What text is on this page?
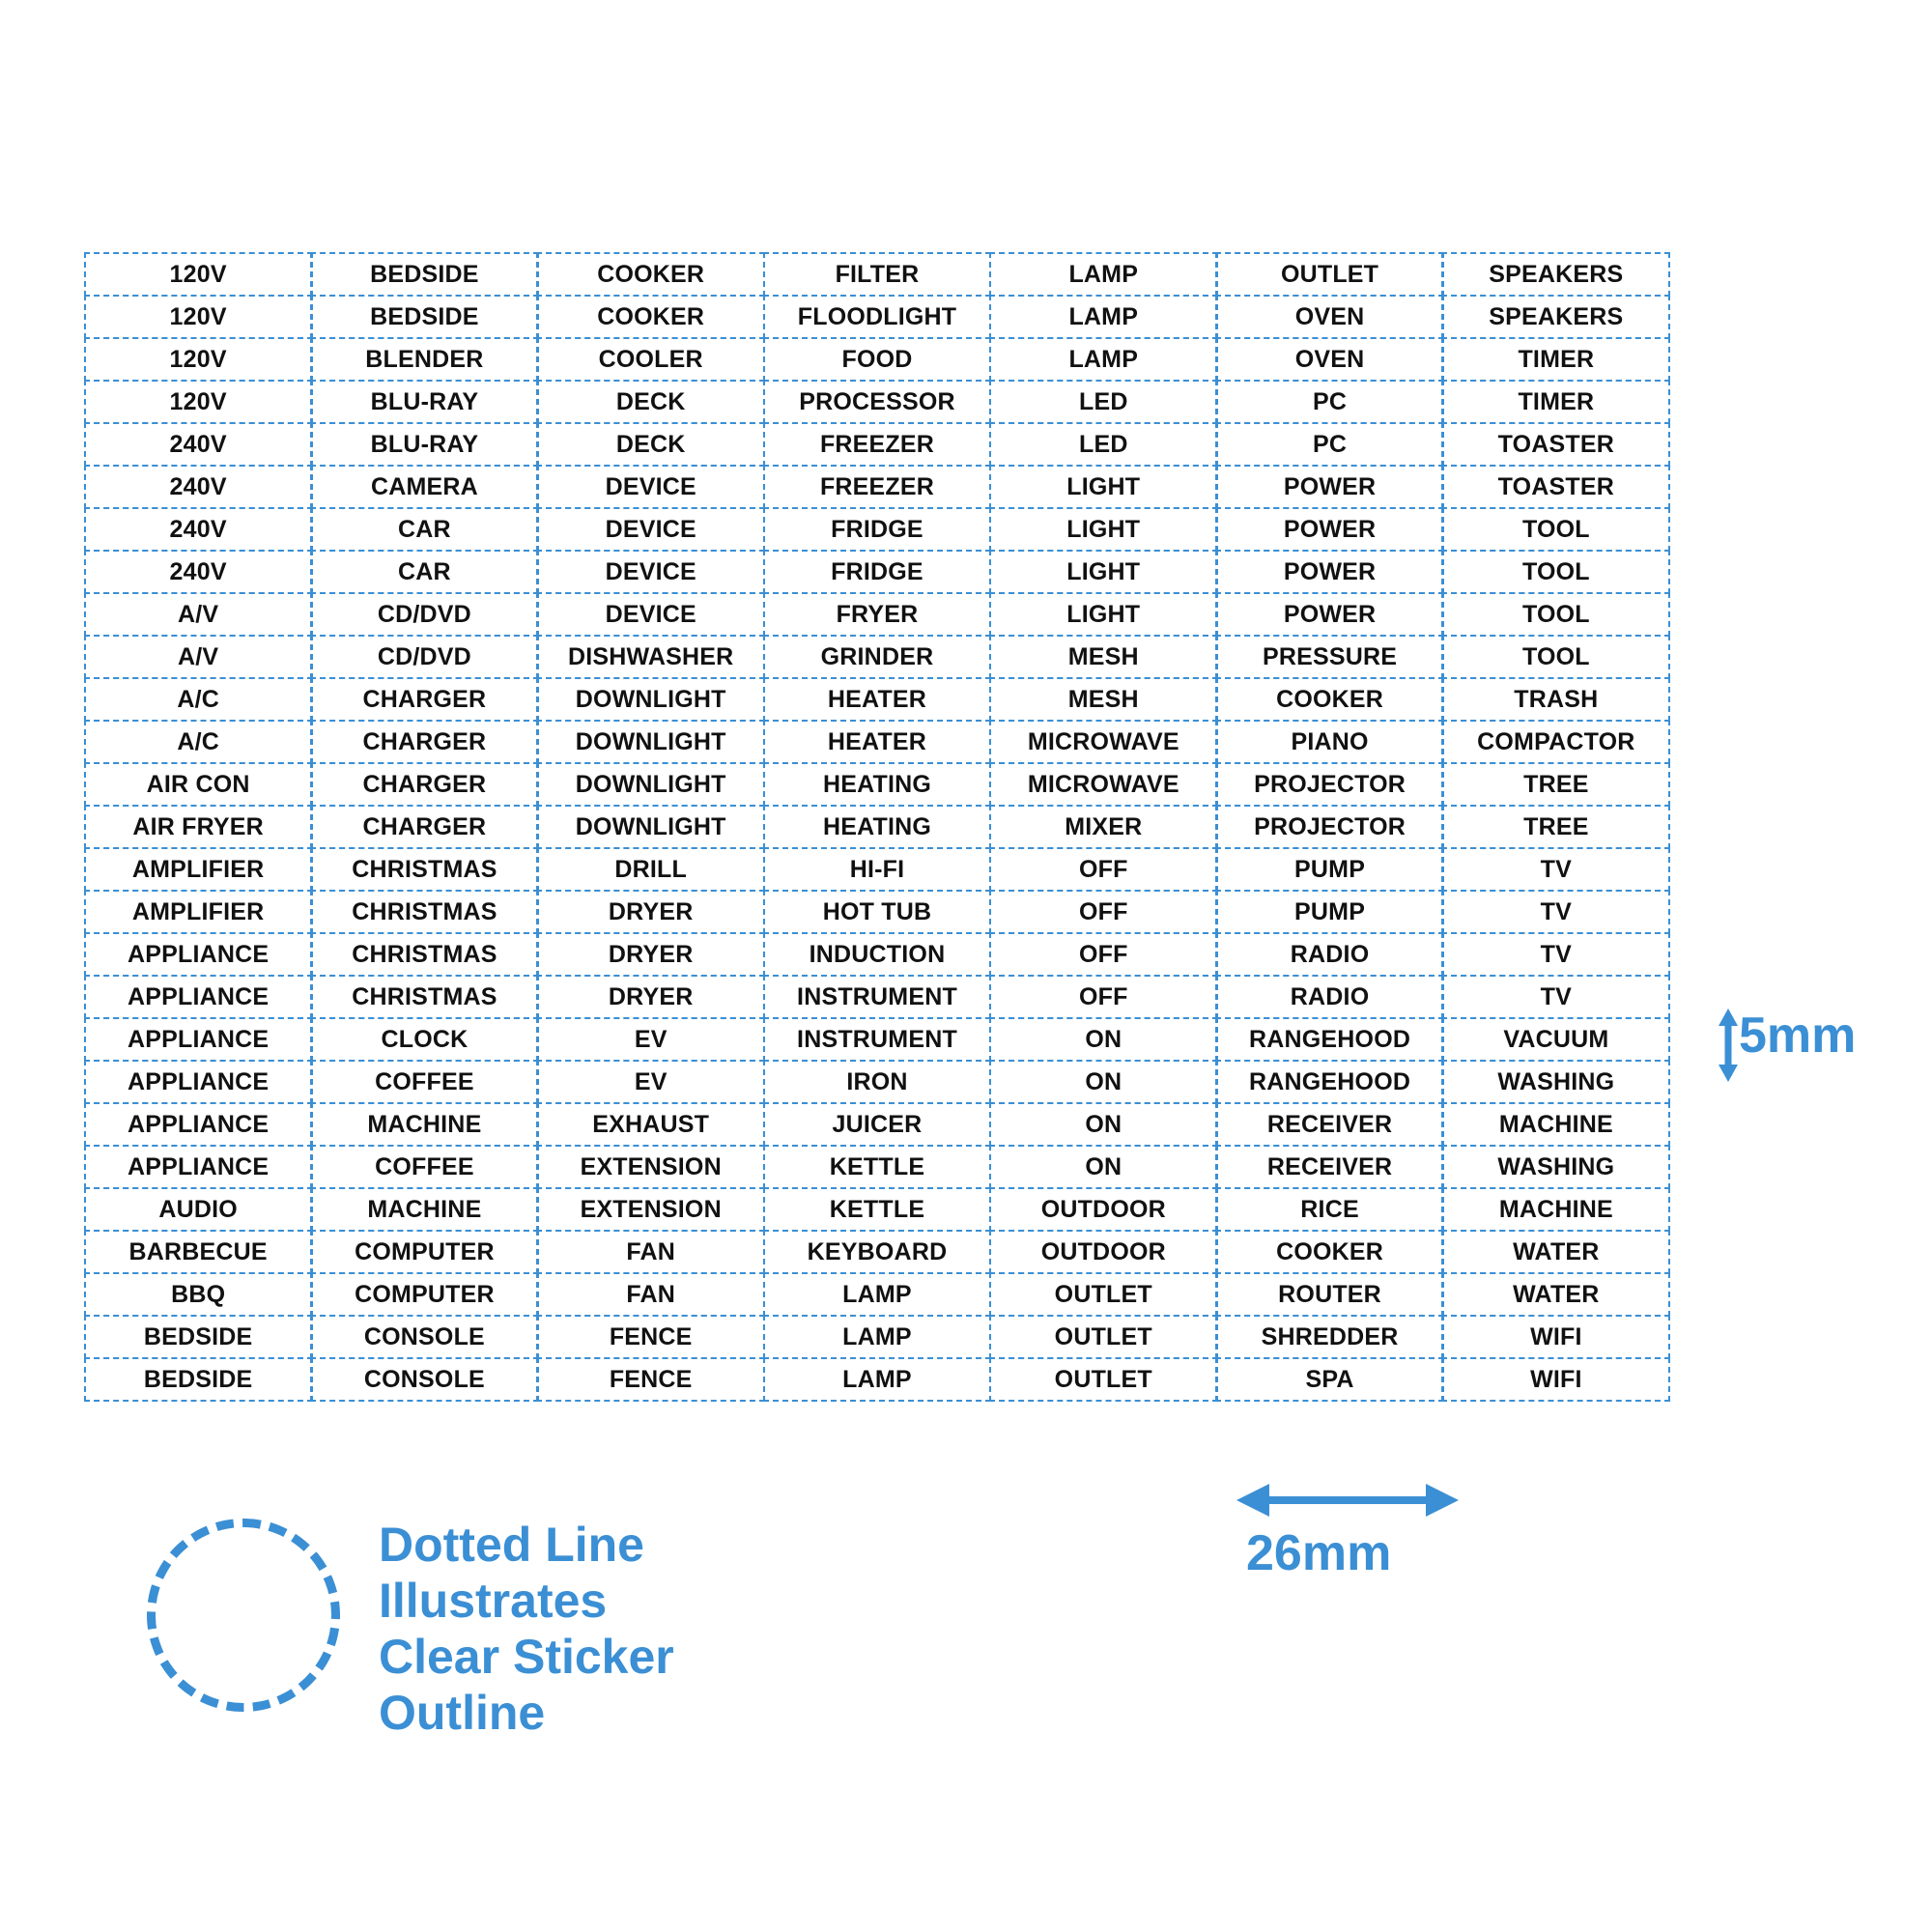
120V	BEDSIDE	COOKER	FILTER	LAMP	OUTLET	SPEAKERS
120V	BEDSIDE	COOKER	FLOODLIGHT	LAMP	OVEN	SPEAKERS
120V	BLENDER	COOLER	FOOD	LAMP	OVEN	TIMER
120V	BLU-RAY	DECK	PROCESSOR	LED	PC	TIMER
240V	BLU-RAY	DECK	FREEZER	LED	PC	TOASTER
240V	CAMERA	DEVICE	FREEZER	LIGHT	POWER	TOASTER
240V	CAR	DEVICE	FRIDGE	LIGHT	POWER	TOOL
240V	CAR	DEVICE	FRIDGE	LIGHT	POWER	TOOL
A/V	CD/DVD	DEVICE	FRYER	LIGHT	POWER	TOOL
A/V	CD/DVD	DISHWASHER	GRINDER	MESH	PRESSURE	TOOL
A/C	CHARGER	DOWNLIGHT	HEATER	MESH	COOKER	TRASH
A/C	CHARGER	DOWNLIGHT	HEATER	MICROWAVE	PIANO	COMPACTOR
AIR CON	CHARGER	DOWNLIGHT	HEATING	MICROWAVE	PROJECTOR	TREE
AIR FRYER	CHARGER	DOWNLIGHT	HEATING	MIXER	PROJECTOR	TREE
AMPLIFIER	CHRISTMAS	DRILL	HI-FI	OFF	PUMP	TV
AMPLIFIER	CHRISTMAS	DRYER	HOT TUB	OFF	PUMP	TV
APPLIANCE	CHRISTMAS	DRYER	INDUCTION	OFF	RADIO	TV
APPLIANCE	CHRISTMAS	DRYER	INSTRUMENT	OFF	RADIO	TV
APPLIANCE	CLOCK	EV	INSTRUMENT	ON	RANGEHOOD	VACUUM
APPLIANCE	COFFEE	EV	IRON	ON	RANGEHOOD	WASHING
APPLIANCE	MACHINE	EXHAUST	JUICER	ON	RECEIVER	MACHINE
APPLIANCE	COFFEE	EXTENSION	KETTLE	ON	RECEIVER	WASHING
AUDIO	MACHINE	EXTENSION	KETTLE	OUTDOOR	RICE	MACHINE
BARBECUE	COMPUTER	FAN	KEYBOARD	OUTDOOR	COOKER	WATER
BBQ	COMPUTER	FAN	LAMP	OUTLET	ROUTER	WATER
BEDSIDE	CONSOLE	FENCE	LAMP	OUTLET	SHREDDER	WIFI
BEDSIDE	CONSOLE	FENCE	LAMP	OUTLET	SPA	WIFI
5mm
26mm
Dotted Line
Illustrates
Clear Sticker
Outline
